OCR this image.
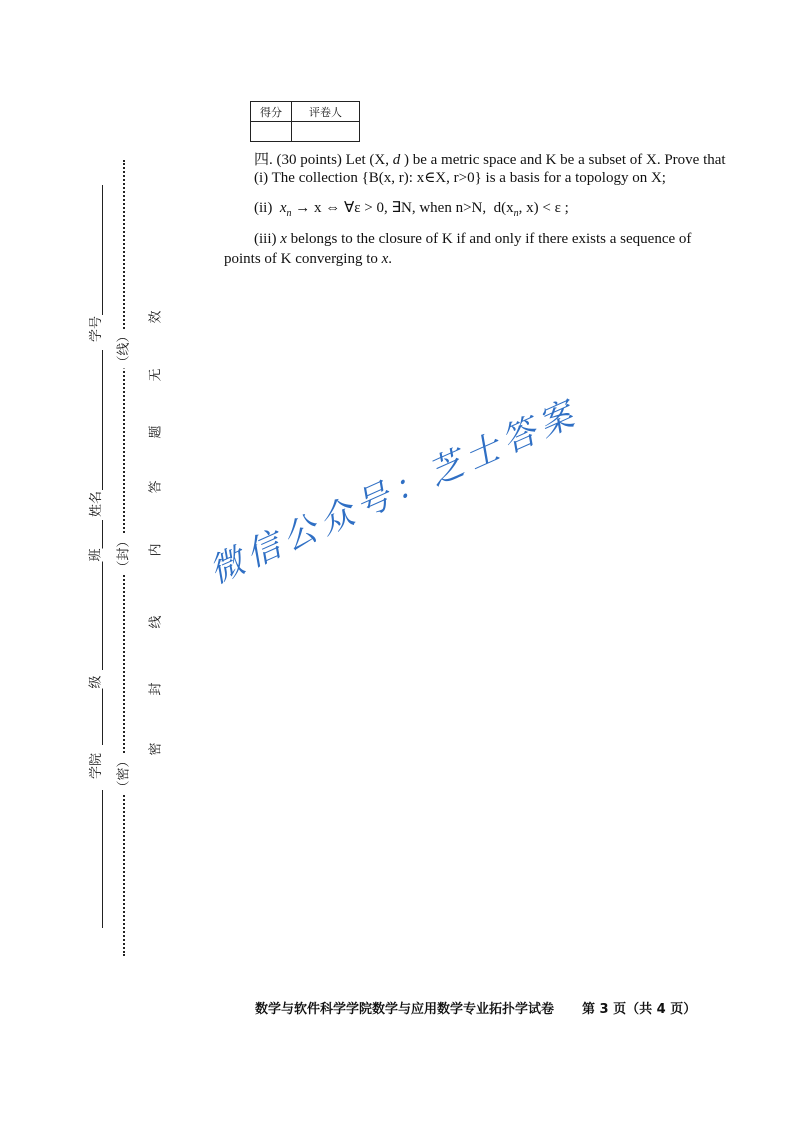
得分	评卷人

四. (30 points) Let (X, d ) be a metric space and K be a subset of X. Prove that
(i) The collection {B(x, r): x∈X, r>0} is a basis for a topology on X;
(ii) $x_n \to x$ ⇔ ∀ε > 0, ∃N, when n>N,  $d(x_n$, x) < ε ;
(iii) x belongs to the closure of K if and only if there exists a sequence of
points of K converging to x.
学院
级
班
姓名
学号
（密）
（封）
（线）
密
封
线
内
答
题
无
效
微信公众号：芝士答案
数学与软件科学学院数学与应用数学专业拓扑学试卷 第 3 页（共 4 页）
